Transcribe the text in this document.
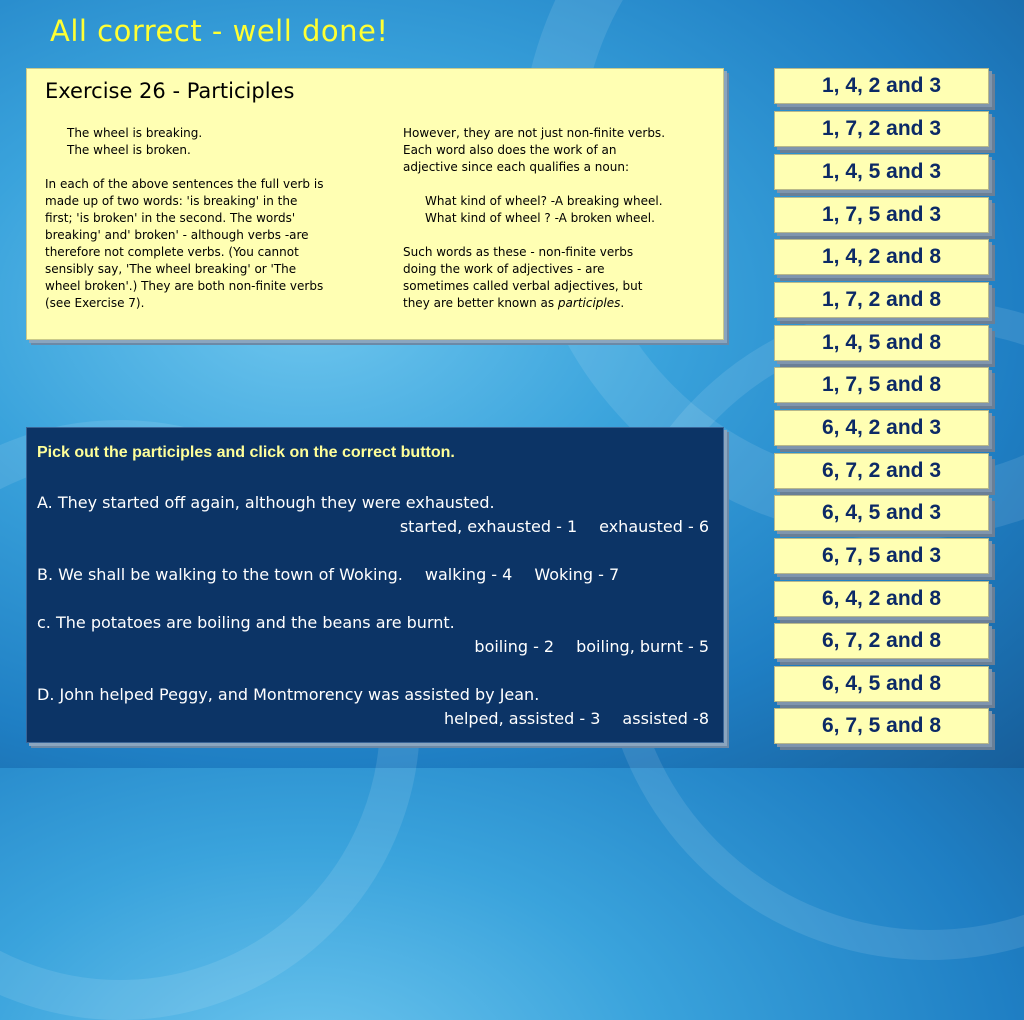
All correct - well done!
Exercise 26 - Participles
The wheel is breaking.
The wheel is broken.
In each of the above sentences the full verb is
made up of two words: 'is breaking' in the
first; 'is broken' in the second. The words'
breaking' and' broken' - although verbs -are
therefore not complete verbs. (You cannot
sensibly say, 'The wheel breaking' or 'The
wheel broken'.) They are both non-finite verbs
(see Exercise 7).
However, they are not just non-finite verbs.
Each word also does the work of an
adjective since each qualifies a noun:
What kind of wheel? -A breaking wheel.
What kind of wheel ? -A broken wheel.
Such words as these - non-finite verbs
doing the work of adjectives - are
sometimes called verbal adjectives, but
they are better known as participles.
Pick out the participles and click on the correct button.
A. They started off again, although they were exhausted.
started, exhausted - 1 exhausted - 6
B. We shall be walking to the town of Woking. walking - 4 Woking - 7
c. The potatoes are boiling and the beans are burnt.
boiling - 2 boiling, burnt - 5
D. John helped Peggy, and Montmorency was assisted by Jean.
helped, assisted - 3 assisted -8
1, 4, 2 and 3
1, 7, 2 and 3
1, 4, 5 and 3
1, 7, 5 and 3
1, 4, 2 and 8
1, 7, 2 and 8
1, 4, 5 and 8
1, 7, 5 and 8
6, 4, 2 and 3
6, 7, 2 and 3
6, 4, 5 and 3
6, 7, 5 and 3
6, 4, 2 and 8
6, 7, 2 and 8
6, 4, 5 and 8
6, 7, 5 and 8
